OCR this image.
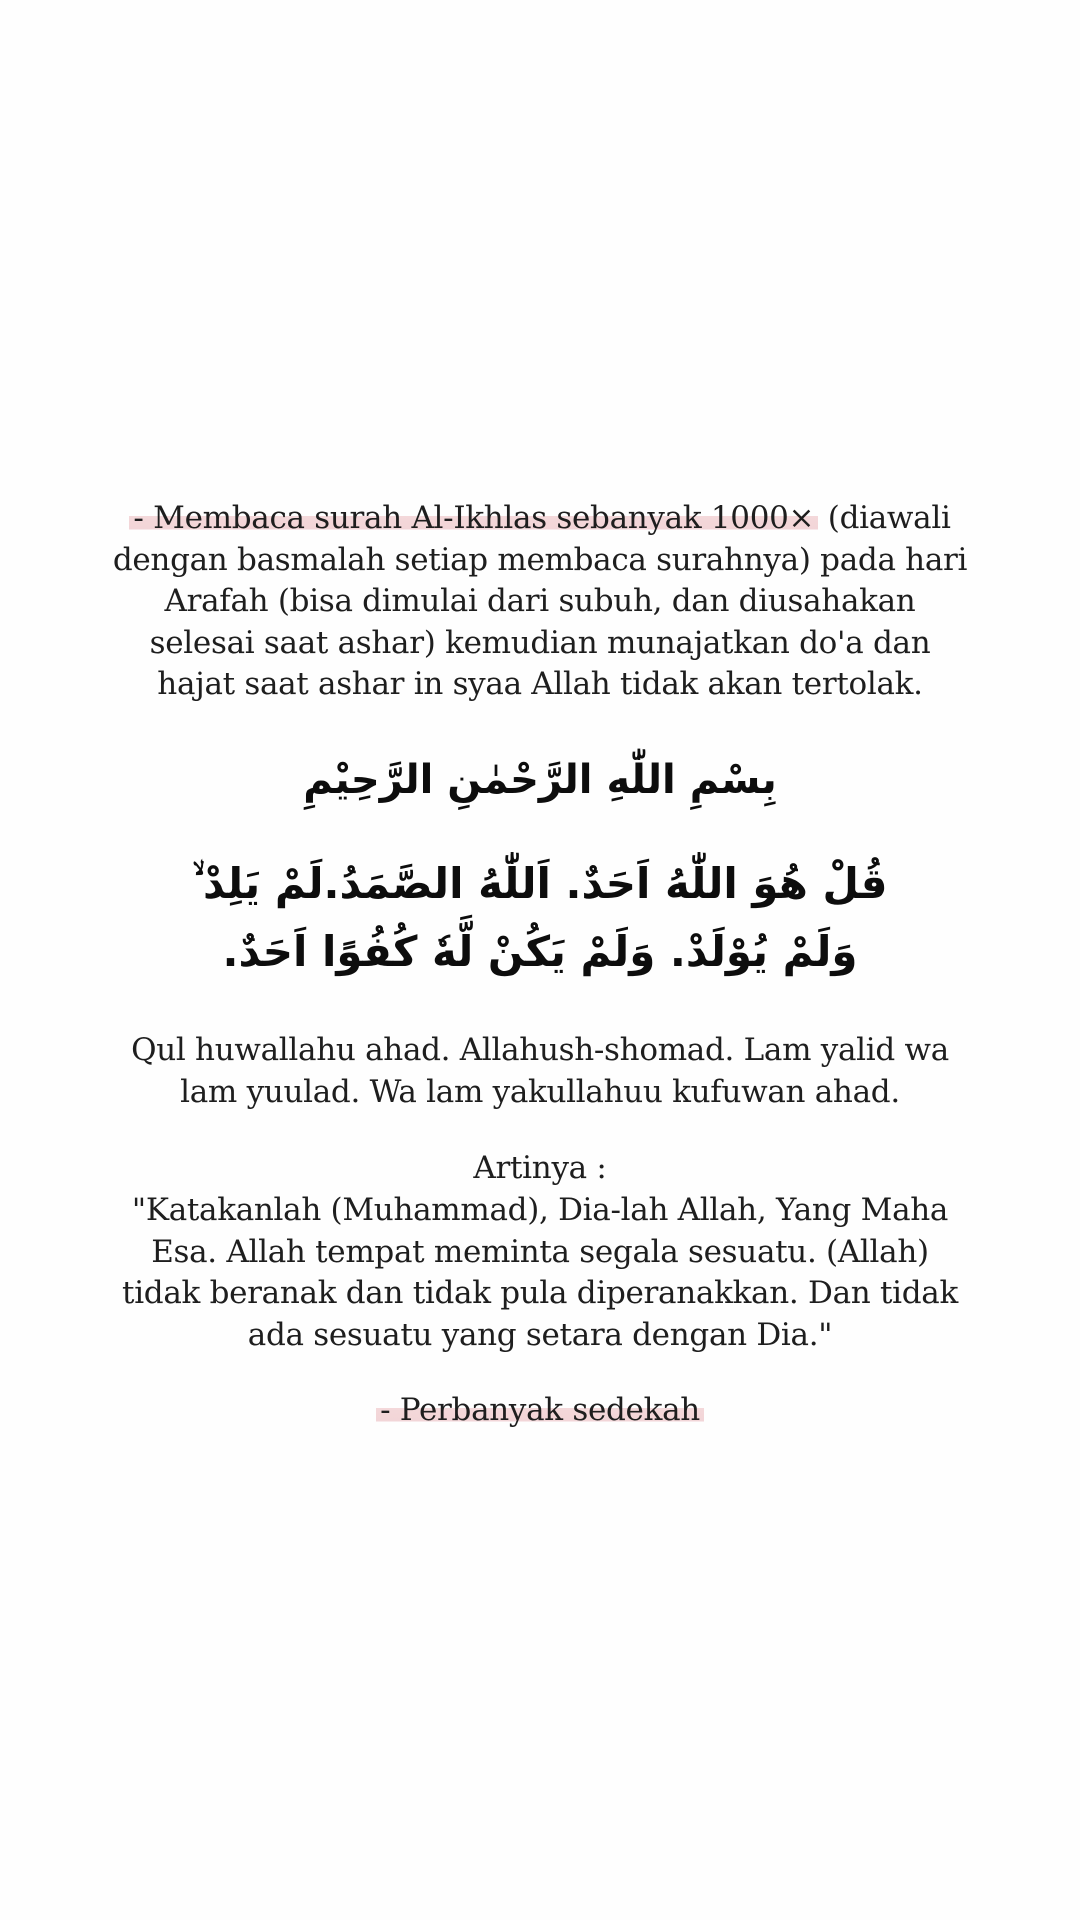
- Membaca surah Al-Ikhlas sebanyak 1000× (diawali dengan basmalah setiap membaca surahnya) pada hari Arafah (bisa dimulai dari subuh, dan diusahakan selesai saat ashar) kemudian munajatkan do'a dan hajat saat ashar in syaa Allah tidak akan tertolak.

بِسْمِ اللّٰهِ الرَّحْمٰنِ الرَّحِيْمِ

قُلْ هُوَ اللّٰهُ اَحَدٌ. اَللّٰهُ الصَّمَدُ.لَمْ يَلِدْ ۙ
وَلَمْ يُوْلَدْ. وَلَمْ يَكُنْ لَّهٗ كُفُوًا اَحَدٌ.

Qul huwallahu ahad. Allahush-shomad. Lam yalid wa lam yuulad. Wa lam yakullahuu kufuwan ahad.

Artinya :

"Katakanlah (Muhammad), Dia-lah Allah, Yang Maha Esa. Allah tempat meminta segala sesuatu. (Allah) tidak beranak dan tidak pula diperanakkan. Dan tidak ada sesuatu yang setara dengan Dia."

- Perbanyak sedekah
